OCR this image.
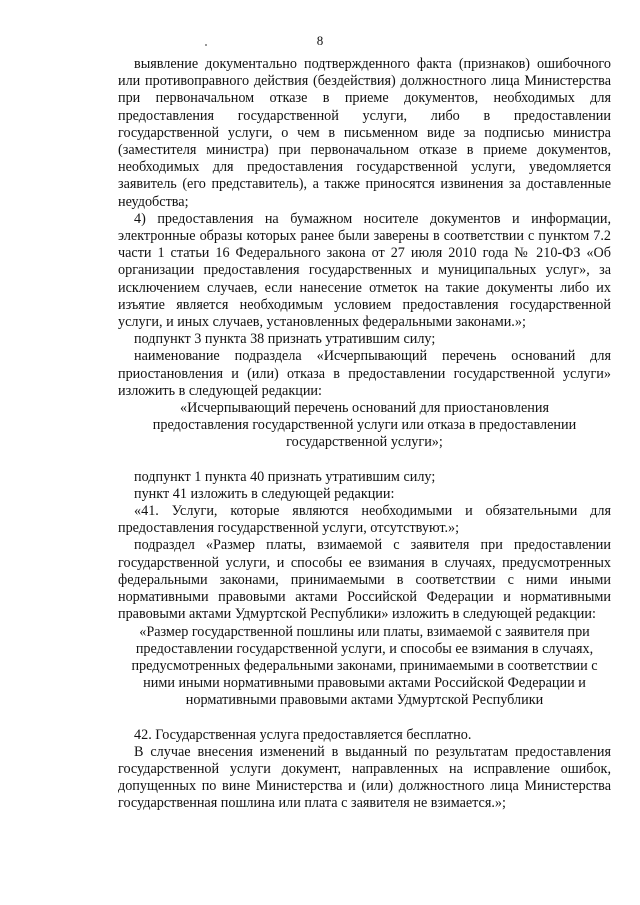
8

выявление документально подтвержденного факта (признаков) ошибочного или противоправного действия (бездействия) должностного лица Министерства при первоначальном отказе в приеме документов, необходимых для предоставления государственной услуги, либо в предоставлении государственной услуги, о чем в письменном виде за подписью министра (заместителя министра) при первоначальном отказе в приеме документов, необходимых для предоставления государственной услуги, уведомляется заявитель (его представитель), а также приносятся извинения за доставленные неудобства;

4) предоставления на бумажном носителе документов и информации, электронные образы которых ранее были заверены в соответствии с пунктом 7.2 части 1 статьи 16 Федерального закона от 27 июля 2010 года № 210-ФЗ «Об организации предоставления государственных и муниципальных услуг», за исключением случаев, если нанесение отметок на такие документы либо их изъятие является необходимым условием предоставления государственной услуги, и иных случаев, установленных федеральными законами.»;

подпункт 3 пункта 38 признать утратившим силу;

наименование подраздела «Исчерпывающий перечень оснований для приостановления и (или) отказа в предоставлении государственной услуги» изложить в следующей редакции:

«Исчерпывающий перечень оснований для приостановления предоставления государственной услуги или отказа в предоставлении государственной услуги»;

подпункт 1 пункта 40 признать утратившим силу;

пункт 41 изложить в следующей редакции:

«41. Услуги, которые являются необходимыми и обязательными для предоставления государственной услуги, отсутствуют.»;

подраздел «Размер платы, взимаемой с заявителя при предоставлении государственной услуги, и способы ее взимания в случаях, предусмотренных федеральными законами, принимаемыми в соответствии с ними иными нормативными правовыми актами Российской Федерации и нормативными правовыми актами Удмуртской Республики» изложить в следующей редакции:

«Размер государственной пошлины или платы, взимаемой с заявителя при предоставлении государственной услуги, и способы ее взимания в случаях, предусмотренных федеральными законами, принимаемыми в соответствии с ними иными нормативными правовыми актами Российской Федерации и нормативными правовыми актами Удмуртской Республики

42. Государственная услуга предоставляется бесплатно.

В случае внесения изменений в выданный по результатам предоставления государственной услуги документ, направленных на исправление ошибок, допущенных по вине Министерства и (или) должностного лица Министерства государственная пошлина или плата с заявителя не взимается.»;
